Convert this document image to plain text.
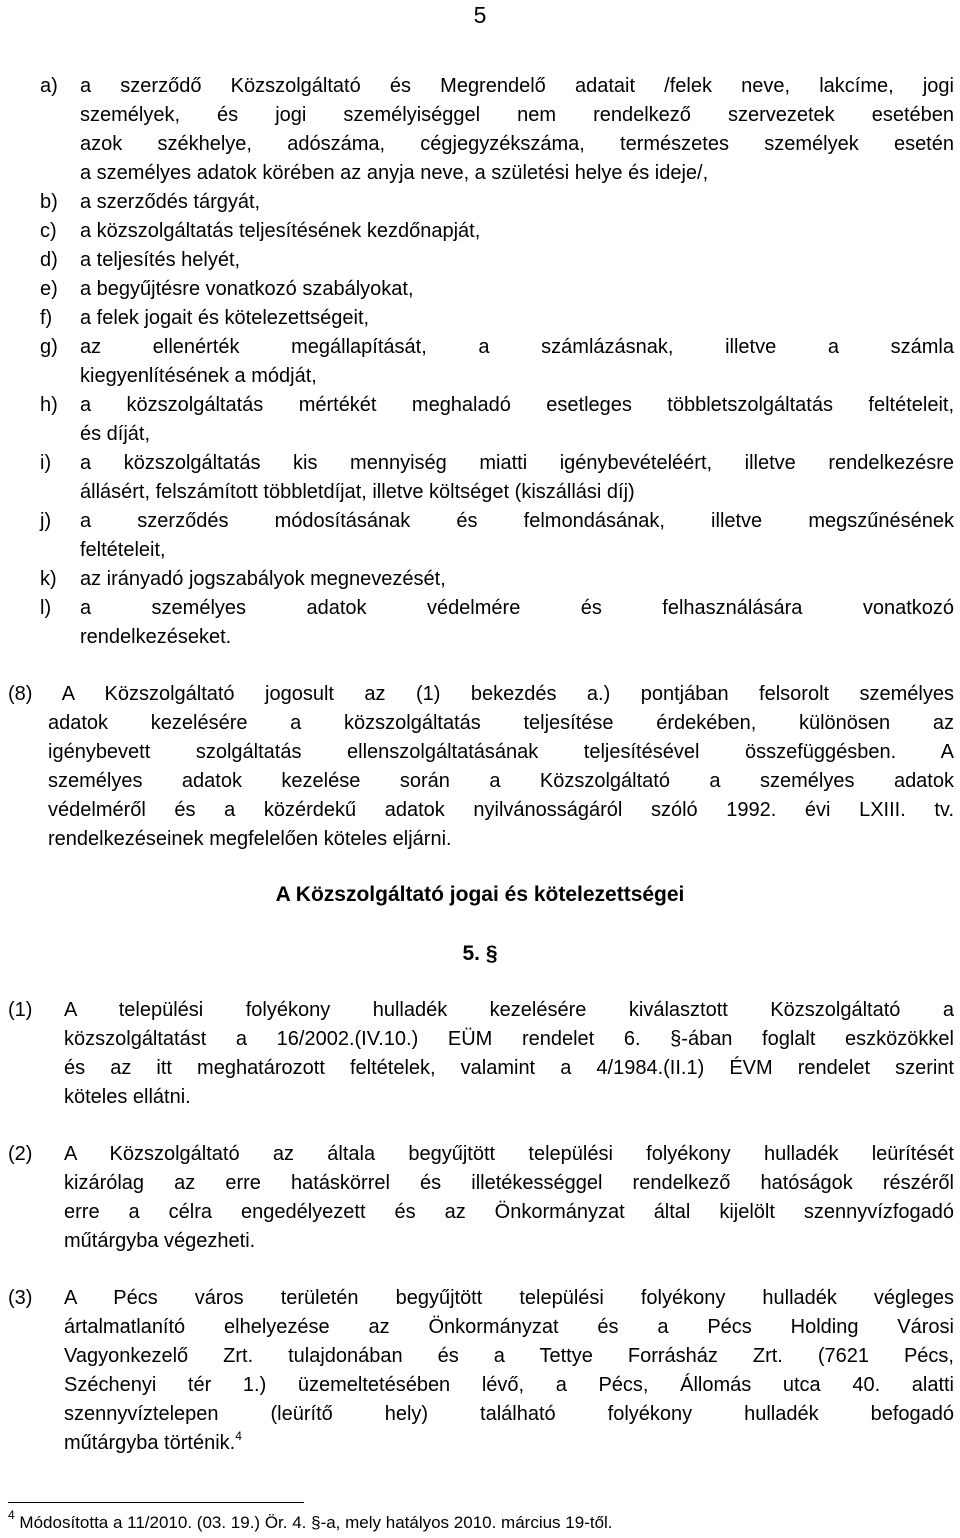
5
a) a szerződő Közszolgáltató és Megrendelő adatait /felek neve, lakcíme, jogi
személyek, és jogi személyiséggel nem rendelkező szervezetek esetében
azok székhelye, adószáma, cégjegyzékszáma, természetes személyek esetén
a személyes adatok körében az anyja neve, a születési helye és ideje/,
b) a szerződés tárgyát,
c) a közszolgáltatás teljesítésének kezdőnapját,
d) a teljesítés helyét,
e) a begyűjtésre vonatkozó szabályokat,
f) a felek jogait és kötelezettségeit,
g) az ellenérték megállapítását, a számlázásnak, illetve a számla
kiegyenlítésének a módját,
h) a közszolgáltatás mértékét meghaladó esetleges többletszolgáltatás feltételeit,
és díját,
i) a közszolgáltatás kis mennyiség miatti igénybevételéért, illetve rendelkezésre
állásért, felszámított többletdíjat, illetve költséget (kiszállási díj)
j) a szerződés módosításának és felmondásának, illetve megszűnésének
feltételeit,
k) az irányadó jogszabályok megnevezését,
l) a személyes adatok védelmére és felhasználására vonatkozó
rendelkezéseket.
(8) A Közszolgáltató jogosult az (1) bekezdés a.) pontjában felsorolt személyes
adatok kezelésére a közszolgáltatás teljesítése érdekében, különösen az
igénybevett szolgáltatás ellenszolgáltatásának teljesítésével összefüggésben. A
személyes adatok kezelése során a Közszolgáltató a személyes adatok
védelméről és a közérdekű adatok nyilvánosságáról szóló 1992. évi LXIII. tv.
rendelkezéseinek megfelelően köteles eljárni.
A Közszolgáltató jogai és kötelezettségei
5. §
(1) A települési folyékony hulladék kezelésére kiválasztott Közszolgáltató a
közszolgáltatást a 16/2002.(IV.10.) EÜM rendelet 6. §-ában foglalt eszközökkel
és az itt meghatározott feltételek, valamint a 4/1984.(II.1) ÉVM rendelet szerint
köteles ellátni.
(2) A Közszolgáltató az általa begyűjtött települési folyékony hulladék leürítését
kizárólag az erre hatáskörrel és illetékességgel rendelkező hatóságok részéről
erre a célra engedélyezett és az Önkormányzat által kijelölt szennyvízfogadó
műtárgyba végezheti.
(3) A Pécs város területén begyűjtött települési folyékony hulladék végleges
ártalmatlanító elhelyezése az Önkormányzat és a Pécs Holding Városi
Vagyonkezelő Zrt. tulajdonában és a Tettye Forrásház Zrt. (7621 Pécs,
Széchenyi tér 1.) üzemeltetésében lévő, a Pécs, Állomás utca 40. alatti
szennyvíztelepen (leürítő hely) található folyékony hulladék befogadó
műtárgyba történik.$^4$
$^4$ Módosította a 11/2010. (03. 19.) Ör. 4. §-a, mely hatályos 2010. március 19-től.
